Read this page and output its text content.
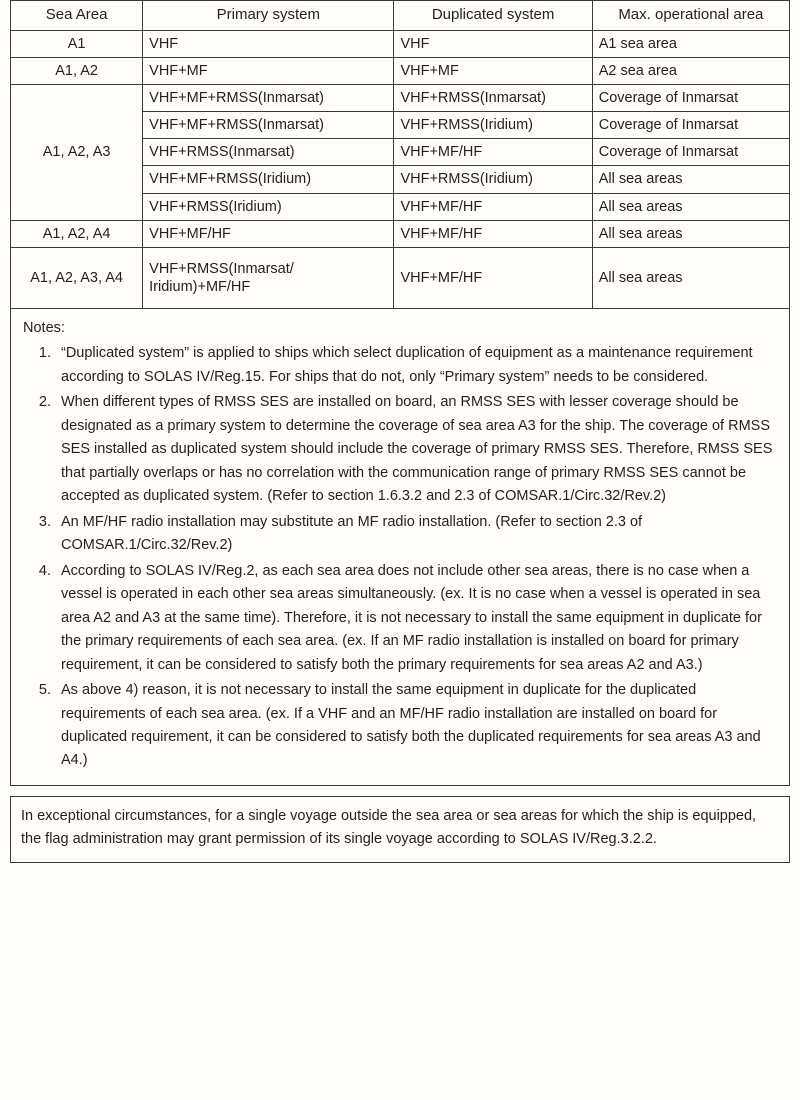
Sea Area	Primary system	Duplicated system	Max. operational area
A1	VHF	VHF	A1 sea area
A1, A2	VHF+MF	VHF+MF	A2 sea area
A1, A2, A3	VHF+MF+RMSS(Inmarsat)	VHF+RMSS(Inmarsat)	Coverage of Inmarsat
	VHF+MF+RMSS(Inmarsat)	VHF+RMSS(Iridium)	Coverage of Inmarsat
	VHF+RMSS(Inmarsat)	VHF+MF/HF	Coverage of Inmarsat
	VHF+MF+RMSS(Iridium)	VHF+RMSS(Iridium)	All sea areas
	VHF+RMSS(Iridium)	VHF+MF/HF	All sea areas
A1, A2, A4	VHF+MF/HF	VHF+MF/HF	All sea areas
A1, A2, A3, A4	VHF+RMSS(Inmarsat/ Iridium)+MF/HF	VHF+MF/HF	All sea areas

Notes:

1. “Duplicated system” is applied to ships which select duplication of equipment as a maintenance requirement according to SOLAS IV/Reg.15. For ships that do not, only “Primary system” needs to be considered.
2. When different types of RMSS SES are installed on board, an RMSS SES with lesser coverage should be designated as a primary system to determine the coverage of sea area A3 for the ship. The coverage of RMSS SES installed as duplicated system should include the coverage of primary RMSS SES. Therefore, RMSS SES that partially overlaps or has no correlation with the communication range of primary RMSS SES cannot be accepted as duplicated system. (Refer to section 1.6.3.2 and 2.3 of COMSAR.1/Circ.32/Rev.2)
3. An MF/HF radio installation may substitute an MF radio installation. (Refer to section 2.3 of COMSAR.1/Circ.32/Rev.2)
4. According to SOLAS IV/Reg.2, as each sea area does not include other sea areas, there is no case when a vessel is operated in each other sea areas simultaneously. (ex. It is no case when a vessel is operated in sea area A2 and A3 at the same time). Therefore, it is not necessary to install the same equipment in duplicate for the primary requirements of each sea area. (ex. If an MF radio installation is installed on board for primary requirement, it can be considered to satisfy both the primary requirements for sea areas A2 and A3.)
5. As above 4) reason, it is not necessary to install the same equipment in duplicate for the duplicated requirements of each sea area. (ex. If a VHF and an MF/HF radio installation are installed on board for duplicated requirement, it can be considered to satisfy both the duplicated requirements for sea areas A3 and A4.)

In exceptional circumstances, for a single voyage outside the sea area or sea areas for which the ship is equipped, the flag administration may grant permission of its single voyage according to SOLAS IV/Reg.3.2.2.
